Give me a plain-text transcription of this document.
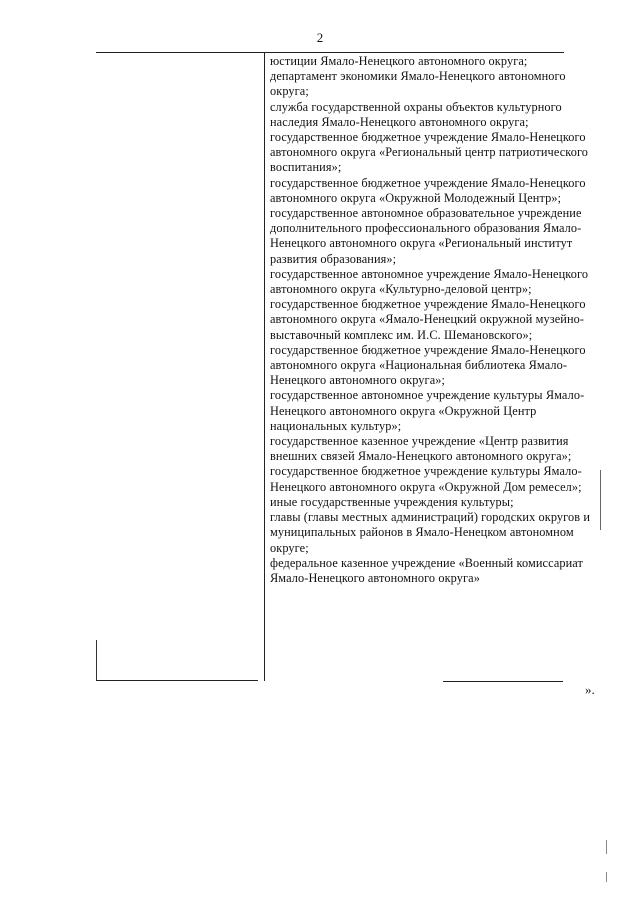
2

юстиции Ямало-Ненецкого автономного округа;
департамент экономики Ямало-Ненецкого автономного округа;
служба государственной охраны объектов культурного наследия Ямало-Ненецкого автономного округа;
государственное бюджетное учреждение Ямало-Ненецкого автономного округа «Региональный центр патриотического воспитания»;
государственное бюджетное учреждение Ямало-Ненецкого автономного округа «Окружной Молодежный Центр»;
государственное автономное образовательное учреждение дополнительного профессионального образования Ямало-Ненецкого автономного округа «Региональный институт развития образования»;
государственное автономное учреждение Ямало-Ненецкого автономного округа «Культурно-деловой центр»;
государственное бюджетное учреждение Ямало-Ненецкого автономного округа «Ямало-Ненецкий окружной музейно-выставочный комплекс им. И.С. Шемановского»;
государственное бюджетное учреждение Ямало-Ненецкого автономного округа «Национальная библиотека Ямало-Ненецкого автономного округа»;
государственное автономное учреждение культуры Ямало-Ненецкого автономного округа «Окружной Центр национальных культур»;
государственное казенное учреждение «Центр развития внешних связей Ямало-Ненецкого автономного округа»;
государственное бюджетное учреждение культуры Ямало-Ненецкого автономного округа «Окружной Дом ремесел»;
иные государственные учреждения культуры;
главы (главы местных администраций) городских округов и муниципальных районов в Ямало-Ненецком автономном округе;
федеральное казенное учреждение «Военный комиссариат Ямало-Ненецкого автономного округа»

».
